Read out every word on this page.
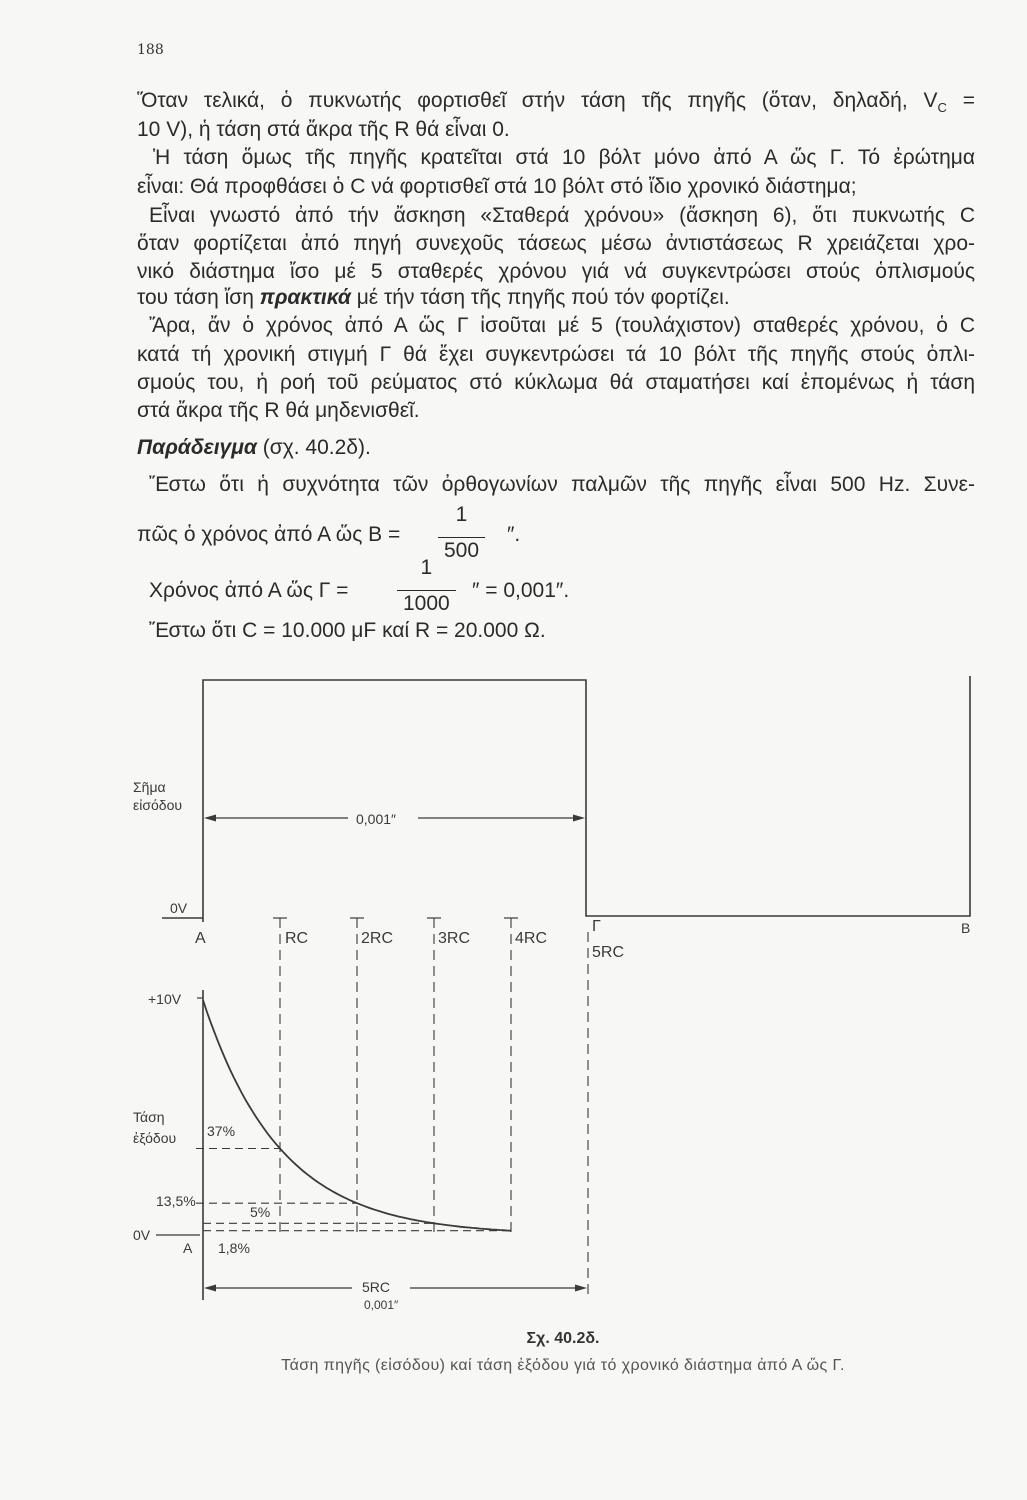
188
Ὅταν τελικά, ὁ πυκνωτής φορτισθεῖ στήν τάση τῆς πηγῆς (ὅταν, δηλαδή, $V_C$ =
10 V), ἡ τάση στά ἄκρα τῆς R θά εἶναι 0.
Ἡ τάση ὅμως τῆς πηγῆς κρατεῖται στά 10 βόλτ μόνο ἀπό Α ὥς Γ. Τό ἐρώτημα
εἶναι: Θά προφθάσει ὁ C νά φορτισθεῖ στά 10 βόλτ στό ἴδιο χρονικό διάστημα;
Εἶναι γνωστό ἀπό τήν ἄσκηση «Σταθερά χρόνου» (ἄσκηση 6), ὅτι πυκνωτής C
ὅταν φορτίζεται ἀπό πηγή συνεχοῦς τάσεως μέσω ἀντιστάσεως R χρειάζεται χρο-
νικό διάστημα ἴσο μέ 5 σταθερές χρόνου γιά νά συγκεντρώσει στούς ὁπλισμούς
του τάση ἴση πρακτικά μέ τήν τάση τῆς πηγῆς πού τόν φορτίζει.
Ἄρα, ἄν ὁ χρόνος ἀπό Α ὥς Γ ἰσοῦται μέ 5 (τουλάχιστον) σταθερές χρόνου, ὁ C
κατά τή χρονική στιγμή Γ θά ἔχει συγκεντρώσει τά 10 βόλτ τῆς πηγῆς στούς ὁπλι-
σμούς του, ἡ ροή τοῦ ρεύματος στό κύκλωμα θά σταματήσει καί ἐπομένως ἡ τάση
στά ἄκρα τῆς R θά μηδενισθεῖ.
Παράδειγμα (σχ. 40.2δ).
Ἔστω ὅτι ἡ συχνότητα τῶν ὀρθογωνίων παλμῶν τῆς πηγῆς εἶναι 500 Hz. Συνε-
πῶς ὁ χρόνος ἀπό Α ὥς Β =
1
500
″.
Χρόνος ἀπό Α ὥς Γ =
1
1000
″ = 0,001″.
Ἔστω ὅτι C = 10.000 μF καί R = 20.000 Ω.
Σῆμα
εἰσόδου
0V
0,001″
Α	RC	2RC	3RC	4RC
Γ
5RC
Β
+10V
Τάση
ἐξόδου 37%
13,5%
5%
0V
Α 1,8%
5RC
0,001″
Σχ. 40.2δ.
Τάση πηγῆς (εἰσόδου) καί τάση ἐξόδου γιά τό χρονικό διάστημα ἀπό Α ὥς Γ.
